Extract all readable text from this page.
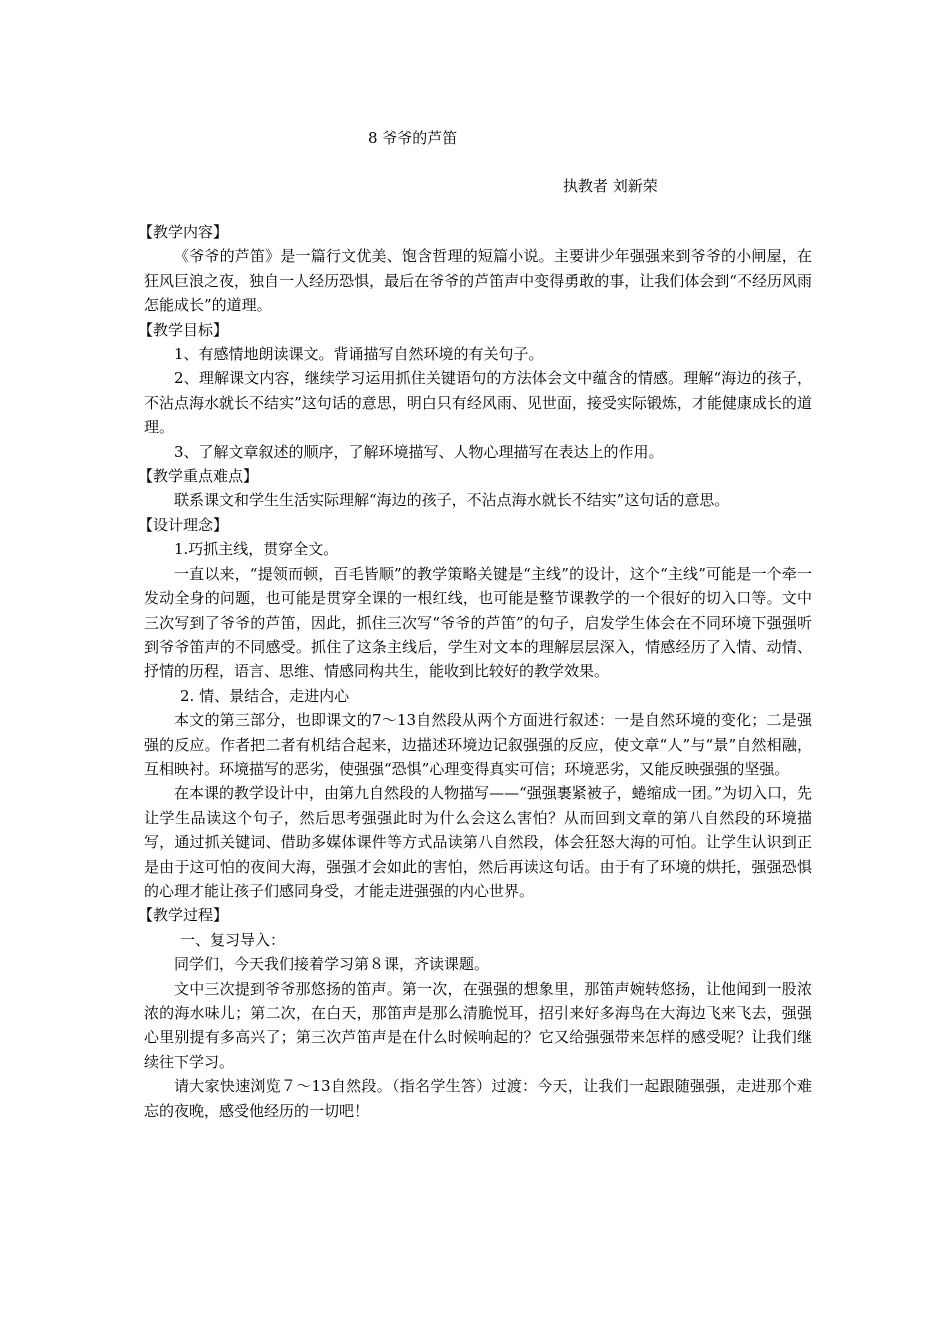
8 爷爷的芦笛
执教者 刘新荣

【教学内容】

《爷爷的芦笛》是一篇行文优美、饱含哲理的短篇小说。主要讲少年强强来到爷爷的小闸屋，在狂风巨浪之夜，独自一人经历恐惧，最后在爷爷的芦笛声中变得勇敢的事，让我们体会到“不经历风雨怎能成长”的道理。

【教学目标】

1、有感情地朗读课文。背诵描写自然环境的有关句子。

2、理解课文内容，继续学习运用抓住关键语句的方法体会文中蕴含的情感。理解“海边的孩子，不沾点海水就长不结实”这句话的意思，明白只有经风雨、见世面，接受实际锻炼，才能健康成长的道理。

3、了解文章叙述的顺序，了解环境描写、人物心理描写在表达上的作用。

【教学重点难点】

联系课文和学生生活实际理解“海边的孩子，不沾点海水就长不结实”这句话的意思。

【设计理念】

1.巧抓主线，贯穿全文。

一直以来，“提领而顿，百毛皆顺”的教学策略关键是“主线”的设计，这个“主线”可能是一个牵一发动全身的问题，也可能是贯穿全课的一根红线，也可能是整节课教学的一个很好的切入口等。文中三次写到了爷爷的芦笛，因此，抓住三次写“爷爷的芦笛”的句子，启发学生体会在不同环境下强强听到爷爷笛声的不同感受。抓住了这条主线后，学生对文本的理解层层深入，情感经历了入情、动情、抒情的历程，语言、思维、情感同构共生，能收到比较好的教学效果。

2. 情、景结合，走进内心

本文的第三部分，也即课文的7～13自然段从两个方面进行叙述：一是自然环境的变化；二是强强的反应。作者把二者有机结合起来，边描述环境边记叙强强的反应，使文章“人”与“景”自然相融，互相映衬。环境描写的恶劣，使强强“恐惧”心理变得真实可信；环境恶劣，又能反映强强的坚强。

在本课的教学设计中，由第九自然段的人物描写——“强强裹紧被子，蜷缩成一团。”为切入口，先让学生品读这个句子，然后思考强强此时为什么会这么害怕？从而回到文章的第八自然段的环境描写，通过抓关键词、借助多媒体课件等方式品读第八自然段，体会狂怒大海的可怕。让学生认识到正是由于这可怕的夜间大海，强强才会如此的害怕，然后再读这句话。由于有了环境的烘托，强强恐惧的心理才能让孩子们感同身受，才能走进强强的内心世界。

【教学过程】

一、复习导入：

同学们，今天我们接着学习第８课，齐读课题。

文中三次提到爷爷那悠扬的笛声。第一次，在强强的想象里，那笛声婉转悠扬，让他闻到一股浓浓的海水味儿；第二次，在白天，那笛声是那么清脆悦耳，招引来好多海鸟在大海边飞来飞去，强强心里别提有多高兴了；第三次芦笛声是在什么时候响起的？它又给强强带来怎样的感受呢？让我们继续往下学习。

请大家快速浏览７～13自然段。（指名学生答）过渡：今天，让我们一起跟随强强，走进那个难忘的夜晚，感受他经历的一切吧！
